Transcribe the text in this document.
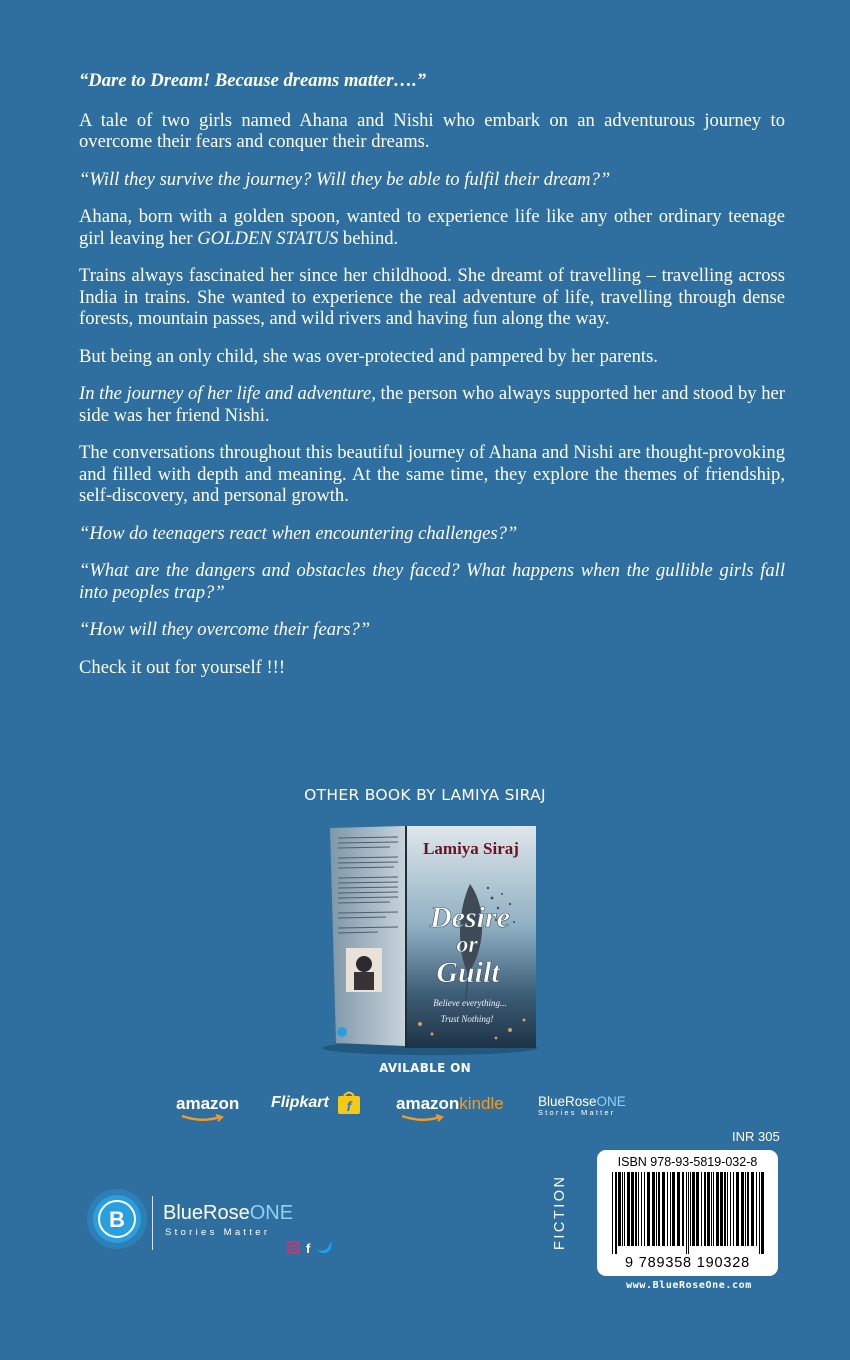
“Dare to Dream! Because dreams matter….”

A tale of two girls named Ahana and Nishi who embark on an adventurous journey to overcome their fears and conquer their dreams.

“Will they survive the journey? Will they be able to fulfil their dream?”

Ahana, born with a golden spoon, wanted to experience life like any other ordinary teenage girl leaving her GOLDEN STATUS behind.

Trains always fascinated her since her childhood. She dreamt of travelling – travelling across India in trains. She wanted to experience the real adventure of life, travelling through dense forests, mountain passes, and wild rivers and having fun along the way.

But being an only child, she was over-protected and pampered by her parents.

In the journey of her life and adventure, the person who always supported her and stood by her side was her friend Nishi.

The conversations throughout this beautiful journey of Ahana and Nishi are thought-provoking and filled with depth and meaning. At the same time, they explore the themes of friendship, self-discovery, and personal growth.

“How do teenagers react when encountering challenges?”

“What are the dangers and obstacles they faced? What happens when the gullible girls fall into peoples trap?”

“How will they overcome their fears?”

Check it out for yourself !!!

OTHER BOOK BY LAMIYA SIRAJ
Lamiya Siraj
Desire
or
Guilt
Believe everything...
Trust Nothing!
AVILABLE ON
amazon Flipkart f	amazonkindle	BlueRoseONE
Stories Matter
INR 305
FICTION
ISBN 978-93-5819-032-8
9 789358 190328
www.BlueRoseOne.com
B BlueRoseONE
Stories Matter
f
